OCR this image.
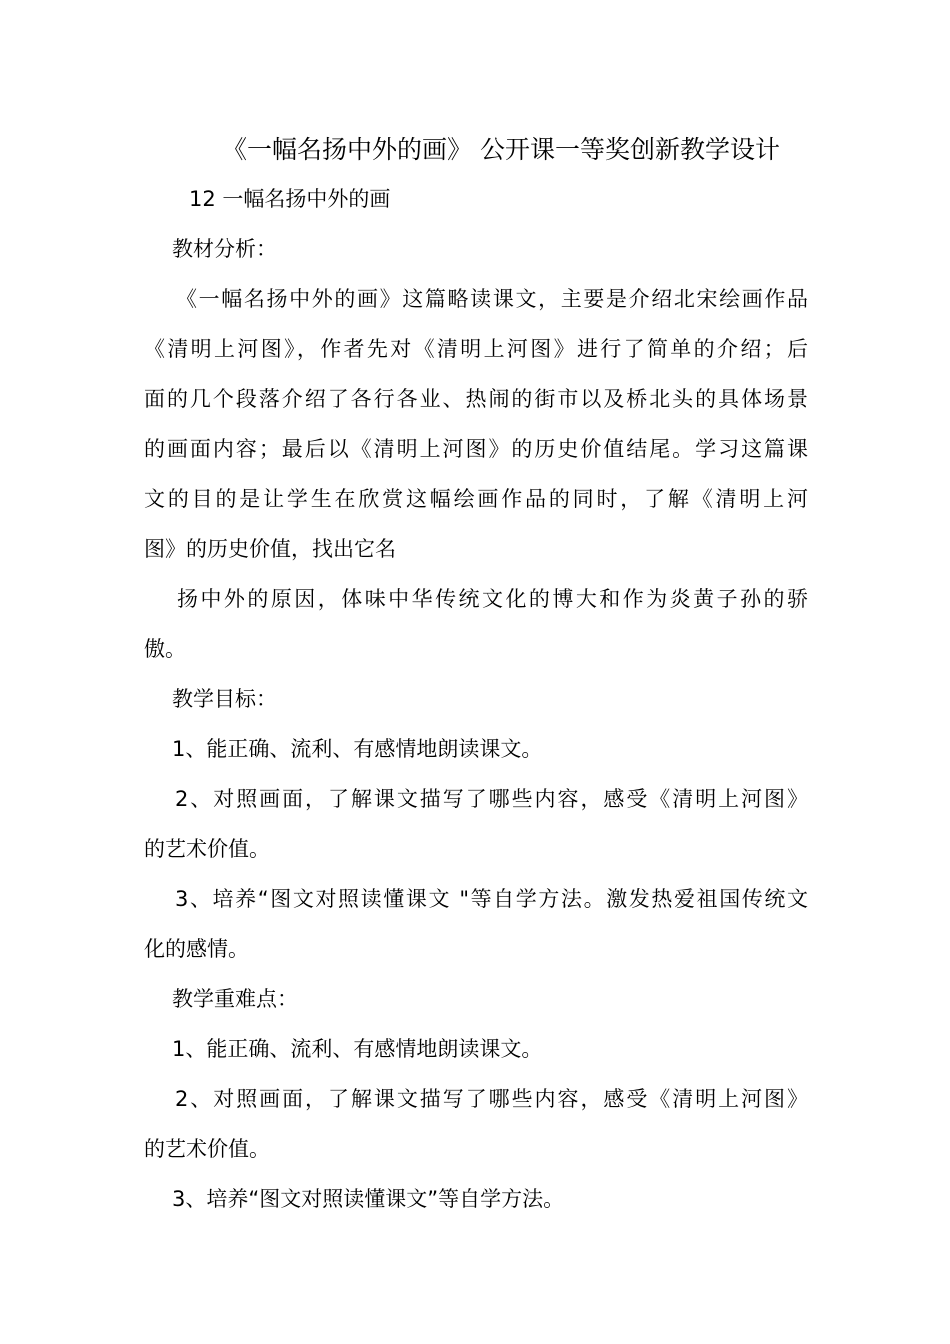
《一幅名扬中外的画》 公开课一等奖创新教学设计
12 一幅名扬中外的画
教材分析：
《一幅名扬中外的画》这篇略读课文，主要是介绍北宋绘画作品
《清明上河图》，作者先对《清明上河图》进行了简单的介绍；后
面的几个段落介绍了各行各业、热闹的街市以及桥北头的具体场景
的画面内容；最后以《清明上河图》的历史价值结尾。学习这篇课
文的目的是让学生在欣赏这幅绘画作品的同时，了解《清明上河
图》的历史价值，找出它名
扬中外的原因，体味中华传统文化的博大和作为炎黄子孙的骄
傲。
教学目标：
1、能正确、流利、有感情地朗读课文。
2、对照画面，了解课文描写了哪些内容，感受《清明上河图》
的艺术价值。
3、培养“图文对照读懂课文 "等自学方法。激发热爱祖国传统文
化的感情。
教学重难点：
1、能正确、流利、有感情地朗读课文。
2、对照画面，了解课文描写了哪些内容，感受《清明上河图》
的艺术价值。
3、培养“图文对照读懂课文”等自学方法。
